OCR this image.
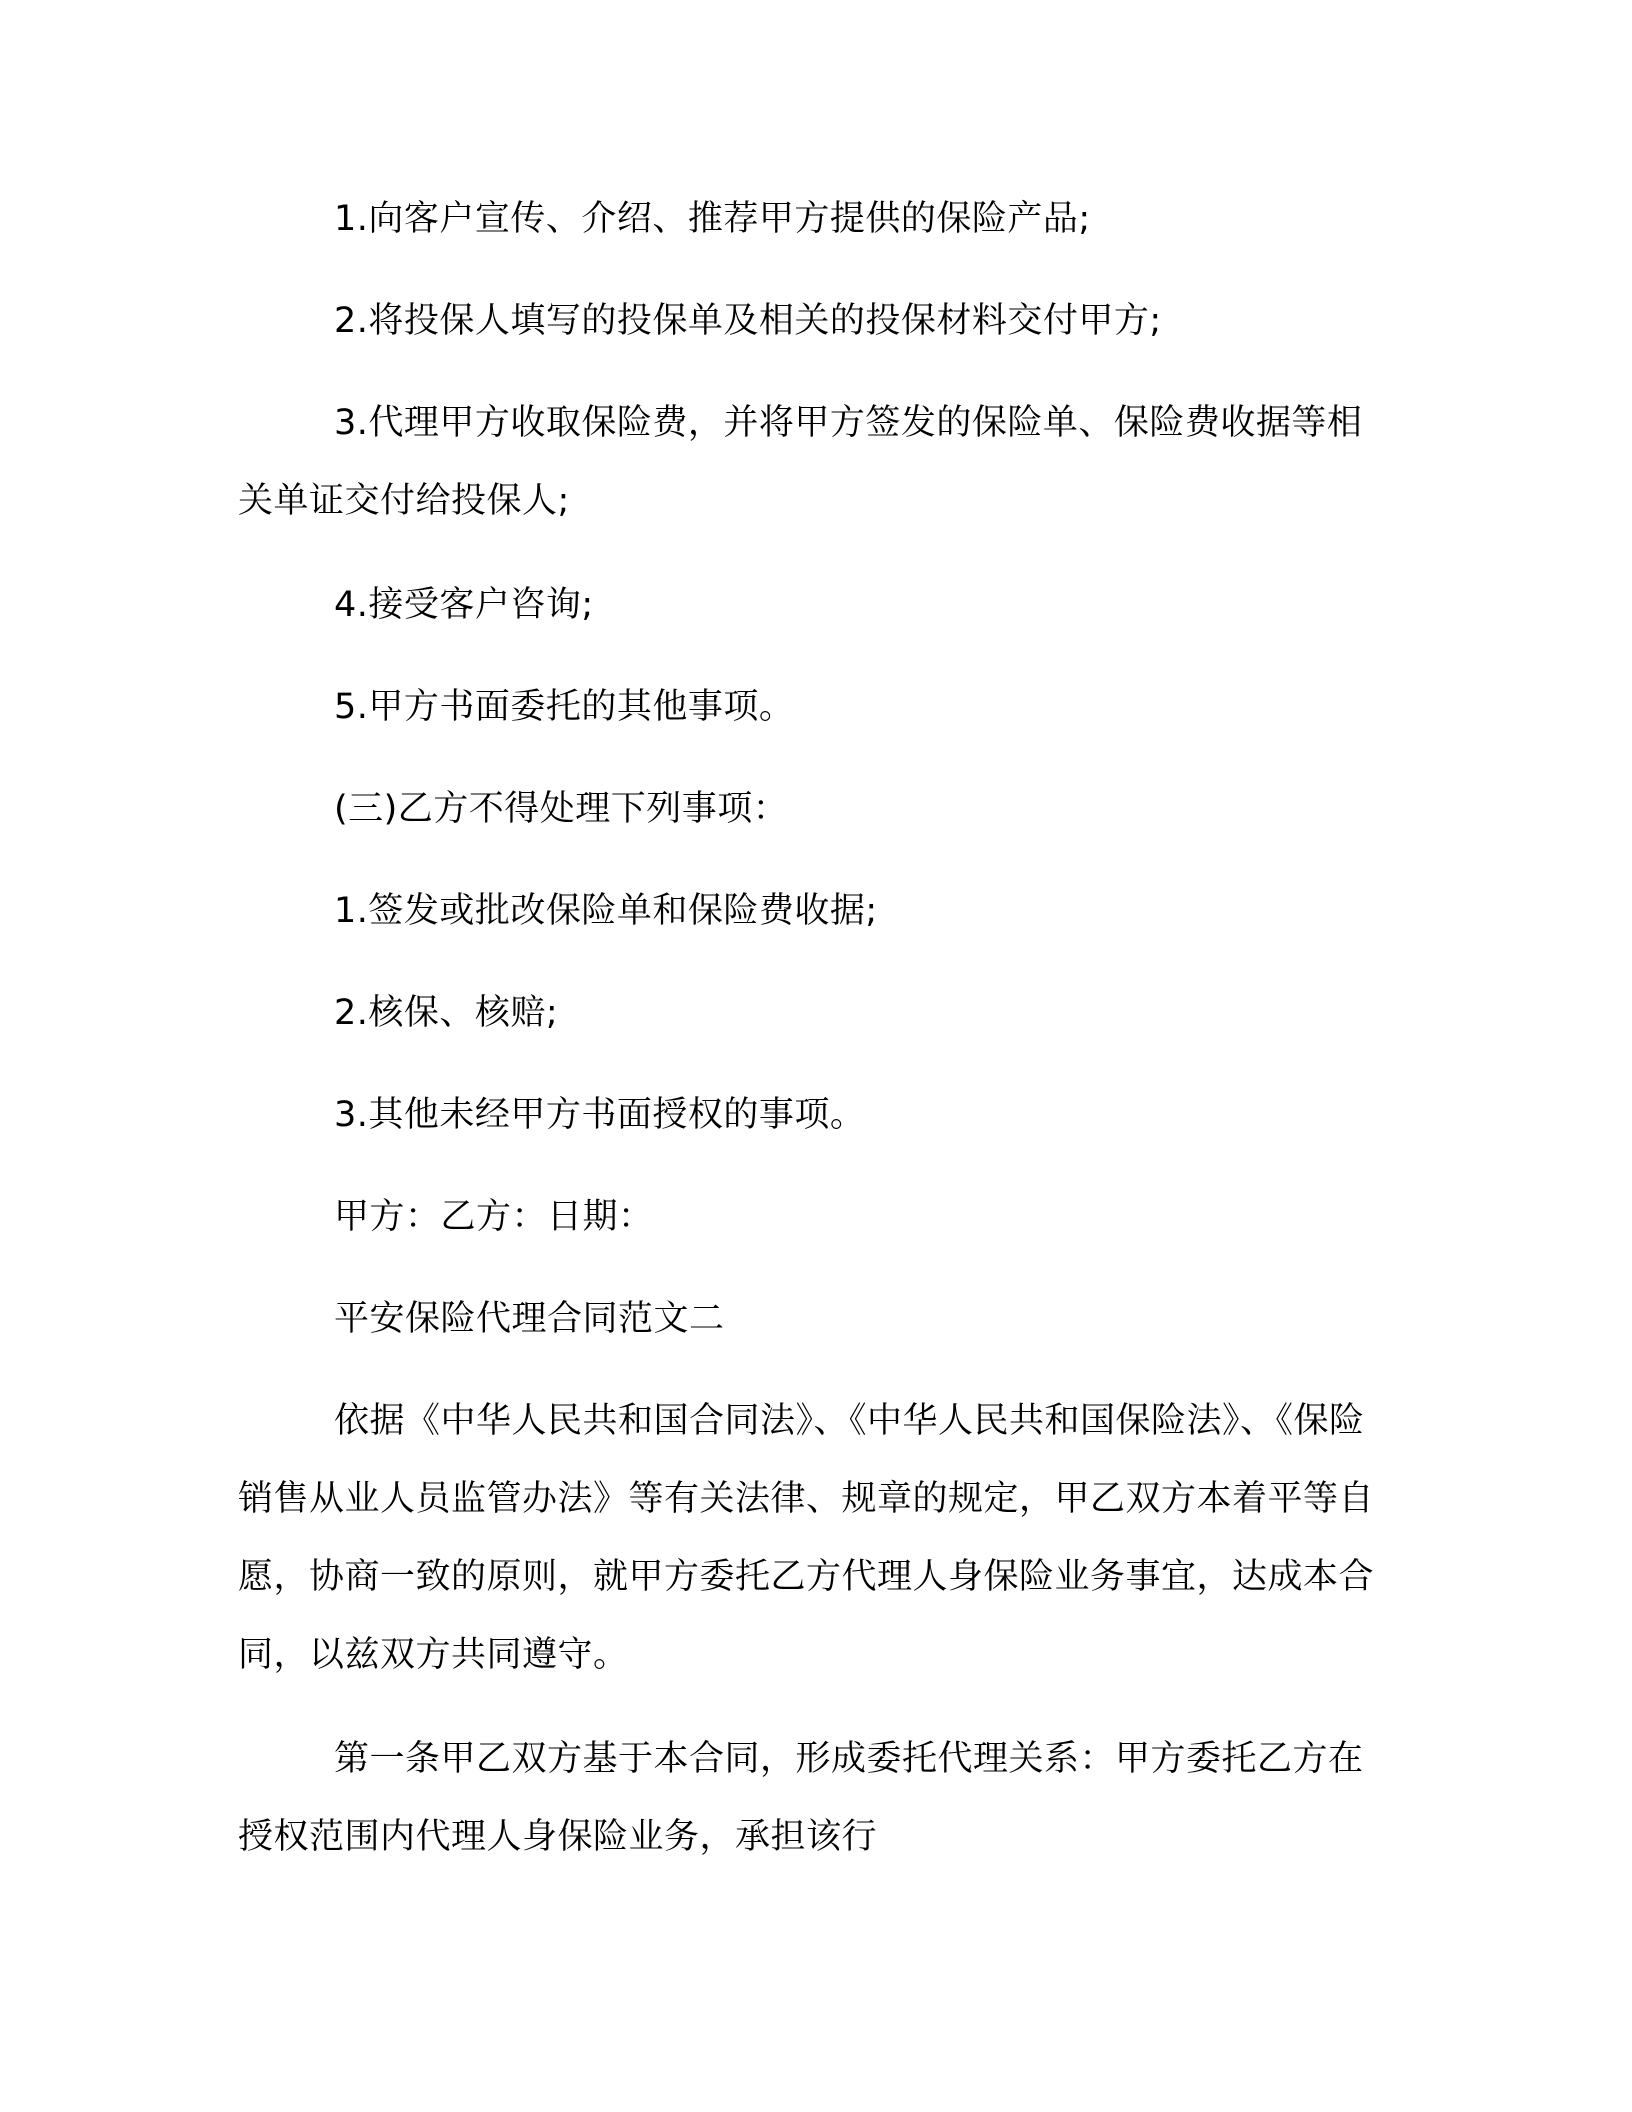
1.向客户宣传、介绍、推荐甲方提供的保险产品;

2.将投保人填写的投保单及相关的投保材料交付甲方;

3.代理甲方收取保险费，并将甲方签发的保险单、保险费收据等相关单证交付给投保人;

4.接受客户咨询;

5.甲方书面委托的其他事项。

(三)乙方不得处理下列事项：

1.签发或批改保险单和保险费收据;

2.核保、核赔;

3.其他未经甲方书面授权的事项。

甲方：乙方：日期：

平安保险代理合同范文二

依据《中华人民共和国合同法》、《中华人民共和国保险法》、《保险销售从业人员监管办法》等有关法律、规章的规定，甲乙双方本着平等自愿，协商一致的原则，就甲方委托乙方代理人身保险业务事宜，达成本合同，以兹双方共同遵守。

第一条甲乙双方基于本合同，形成委托代理关系：甲方委托乙方在授权范围内代理人身保险业务，承担该行
